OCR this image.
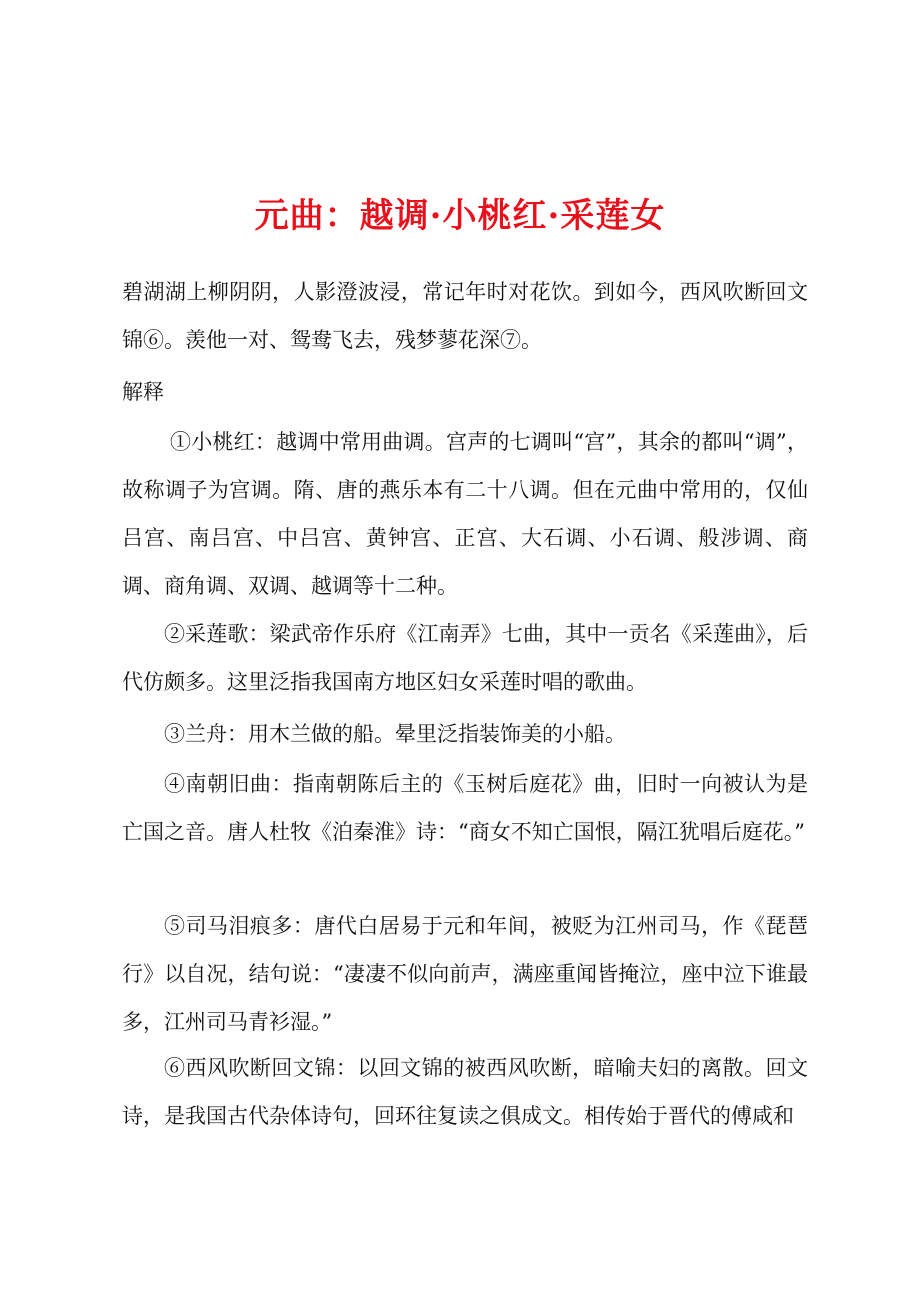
元曲：越调·小桃红·采莲女

碧湖湖上柳阴阴，人影澄波浸，常记年时对花饮。到如今，西风吹断回文锦⑥。羡他一对、鸳鸯飞去，残梦蓼花深⑦。

解释

①小桃红：越调中常用曲调。宫声的七调叫“宫”，其余的都叫“调”，故称调子为宫调。隋、唐的燕乐本有二十八调。但在元曲中常用的，仅仙吕宫、南吕宫、中吕宫、黄钟宫、正宫、大石调、小石调、般涉调、商调、商角调、双调、越调等十二种。

②采莲歌：梁武帝作乐府《江南弄》七曲，其中一贡名《采莲曲》，后代仿颇多。这里泛指我国南方地区妇女采莲时唱的歌曲。

③兰舟：用木兰做的船。晕里泛指装饰美的小船。

④南朝旧曲：指南朝陈后主的《玉树后庭花》曲，旧时一向被认为是亡国之音。唐人杜牧《泊秦淮》诗：“商女不知亡国恨，隔江犹唱后庭花。”

⑤司马泪痕多：唐代白居易于元和年间，被贬为江州司马，作《琵琶行》以自况，结句说：“凄凄不似向前声，满座重闻皆掩泣，座中泣下谁最多，江州司马青衫湿。”

⑥西风吹断回文锦：以回文锦的被西风吹断，暗喻夫妇的离散。回文诗，是我国古代杂体诗句，回环往复读之俱成文。相传始于晋代的傅咸和
